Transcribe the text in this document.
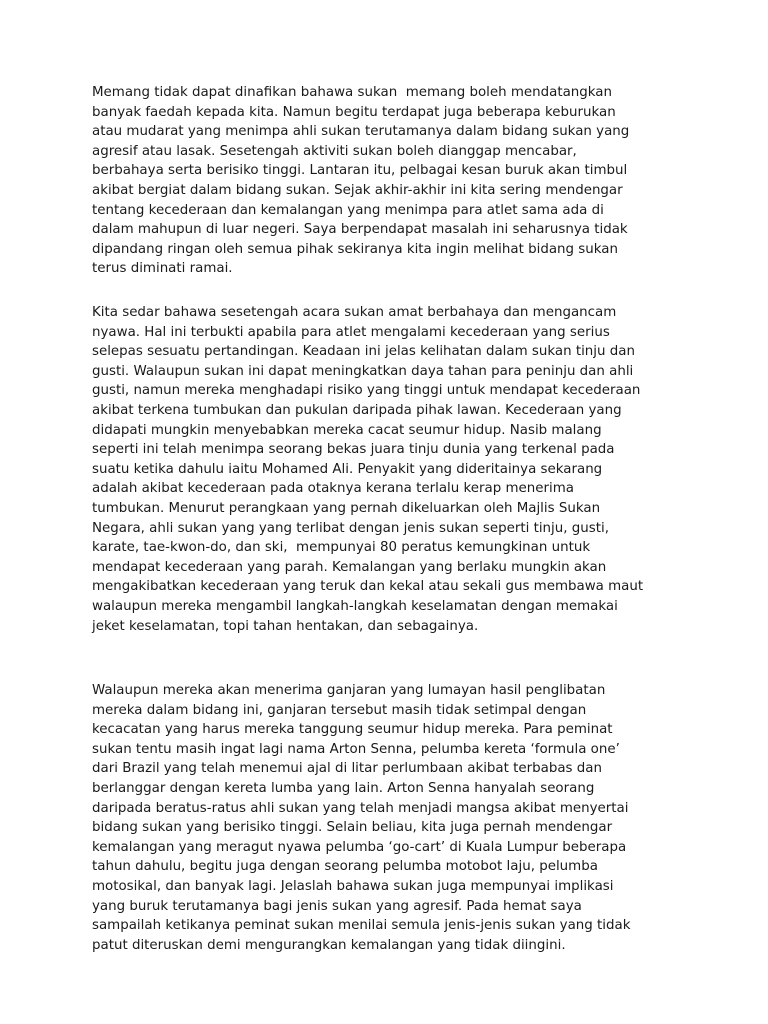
Memang tidak dapat dinafikan bahawa sukan  memang boleh mendatangkan
banyak faedah kepada kita. Namun begitu terdapat juga beberapa keburukan
atau mudarat yang menimpa ahli sukan terutamanya dalam bidang sukan yang
agresif atau lasak. Sesetengah aktiviti sukan boleh dianggap mencabar,
berbahaya serta berisiko tinggi. Lantaran itu, pelbagai kesan buruk akan timbul
akibat bergiat dalam bidang sukan. Sejak akhir-akhir ini kita sering mendengar
tentang kecederaan dan kemalangan yang menimpa para atlet sama ada di
dalam mahupun di luar negeri. Saya berpendapat masalah ini seharusnya tidak
dipandang ringan oleh semua pihak sekiranya kita ingin melihat bidang sukan
terus diminati ramai.

Kita sedar bahawa sesetengah acara sukan amat berbahaya dan mengancam
nyawa. Hal ini terbukti apabila para atlet mengalami kecederaan yang serius
selepas sesuatu pertandingan. Keadaan ini jelas kelihatan dalam sukan tinju dan
gusti. Walaupun sukan ini dapat meningkatkan daya tahan para peninju dan ahli
gusti, namun mereka menghadapi risiko yang tinggi untuk mendapat kecederaan
akibat terkena tumbukan dan pukulan daripada pihak lawan. Kecederaan yang
didapati mungkin menyebabkan mereka cacat seumur hidup. Nasib malang
seperti ini telah menimpa seorang bekas juara tinju dunia yang terkenal pada
suatu ketika dahulu iaitu Mohamed Ali. Penyakit yang dideritainya sekarang
adalah akibat kecederaan pada otaknya kerana terlalu kerap menerima
tumbukan. Menurut perangkaan yang pernah dikeluarkan oleh Majlis Sukan
Negara, ahli sukan yang yang terlibat dengan jenis sukan seperti tinju, gusti,
karate, tae-kwon-do, dan ski,  mempunyai 80 peratus kemungkinan untuk
mendapat kecederaan yang parah. Kemalangan yang berlaku mungkin akan
mengakibatkan kecederaan yang teruk dan kekal atau sekali gus membawa maut
walaupun mereka mengambil langkah-langkah keselamatan dengan memakai
jeket keselamatan, topi tahan hentakan, dan sebagainya.

Walaupun mereka akan menerima ganjaran yang lumayan hasil penglibatan
mereka dalam bidang ini, ganjaran tersebut masih tidak setimpal dengan
kecacatan yang harus mereka tanggung seumur hidup mereka. Para peminat
sukan tentu masih ingat lagi nama Arton Senna, pelumba kereta ‘formula one’
dari Brazil yang telah menemui ajal di litar perlumbaan akibat terbabas dan
berlanggar dengan kereta lumba yang lain. Arton Senna hanyalah seorang
daripada beratus-ratus ahli sukan yang telah menjadi mangsa akibat menyertai
bidang sukan yang berisiko tinggi. Selain beliau, kita juga pernah mendengar
kemalangan yang meragut nyawa pelumba ‘go-cart’ di Kuala Lumpur beberapa
tahun dahulu, begitu juga dengan seorang pelumba motobot laju, pelumba
motosikal, dan banyak lagi. Jelaslah bahawa sukan juga mempunyai implikasi
yang buruk terutamanya bagi jenis sukan yang agresif. Pada hemat saya
sampailah ketikanya peminat sukan menilai semula jenis-jenis sukan yang tidak
patut diteruskan demi mengurangkan kemalangan yang tidak diingini.
